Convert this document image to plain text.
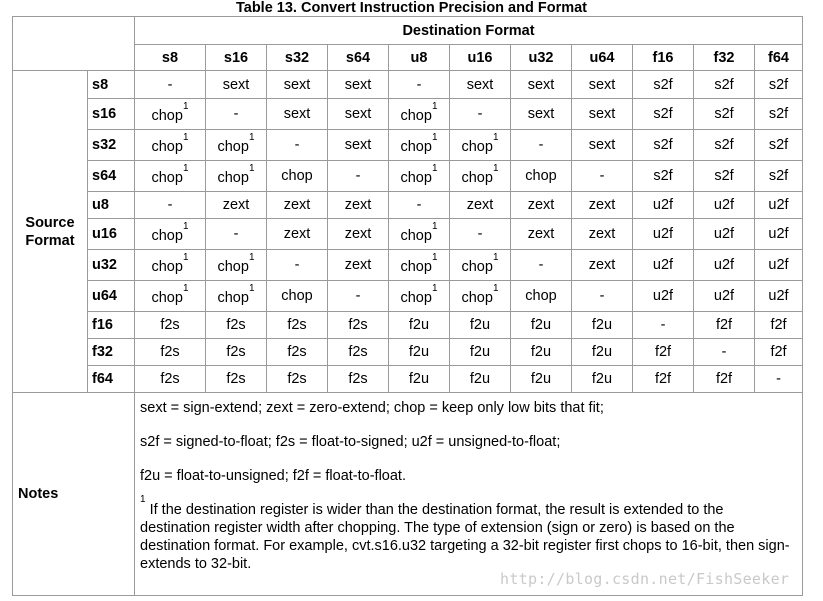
Table 13. Convert Instruction Precision and Format
		Destination Format										
		s8	s16	s32	s64	u8	u16	u32	u64	f16	f32	f64

Source
Format	s8	-	sext	sext	sext	-	sext	sext	sext	s2f	s2f	s2f
	s16	chop$^1$	-	sext	sext	chop$^1$	-	sext	sext	s2f	s2f	s2f
	s32	chop$^1$	chop$^1$	-	sext	chop$^1$	chop$^1$	-	sext	s2f	s2f	s2f
	s64	chop$^1$	chop$^1$	chop	-	chop$^1$	chop$^1$	chop	-	s2f	s2f	s2f
	u8	-	zext	zext	zext	-	zext	zext	zext	u2f	u2f	u2f
	u16	chop$^1$	-	zext	zext	chop$^1$	-	zext	zext	u2f	u2f	u2f
	u32	chop$^1$	chop$^1$	-	zext	chop$^1$	chop$^1$	-	zext	u2f	u2f	u2f
	u64	chop$^1$	chop$^1$	chop	-	chop$^1$	chop$^1$	chop	-	u2f	u2f	u2f
	f16	f2s	f2s	f2s	f2s	f2u	f2u	f2u	f2u	-	f2f	f2f
	f32	f2s	f2s	f2s	f2s	f2u	f2u	f2u	f2u	f2f	-	f2f
	f64	f2s	f2s	f2s	f2s	f2u	f2u	f2u	f2u	f2f	f2f	-
Notes		sext = sign-extend; zext = zero-extend; chop = keep only low bits that fit;
s2f = signed-to-float; f2s = float-to-signed; u2f = unsigned-to-float;
f2u = float-to-unsigned; f2f = float-to-float.
$^1$ If the destination register is wider than the destination format, the result is extended to the destination register width after chopping. The type of extension (sign or zero) is based on the destination format. For example, cvt.s16.u32 targeting a 32-bit register first chops to 16-bit, then sign-extends to 32-bit.										
http://blog.csdn.net/FishSeeker
